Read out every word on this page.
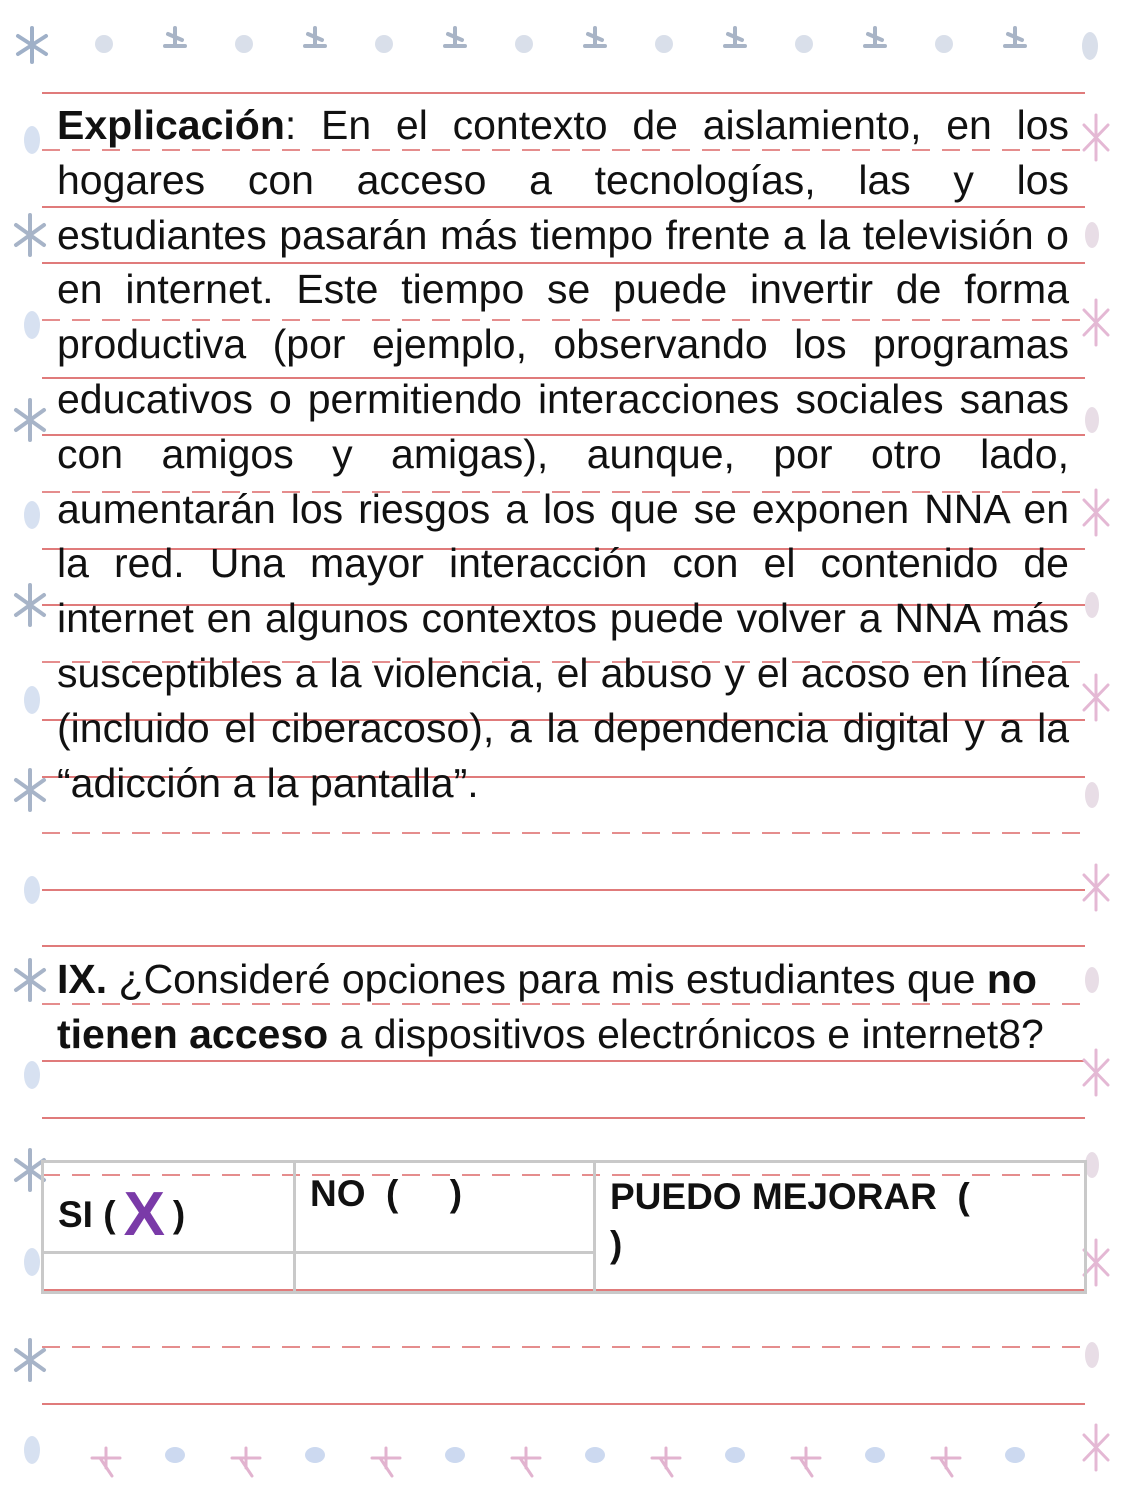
Explicación: En el contexto de aislamiento, en los hogares con acceso a tecnologías, las y los estudiantes pasarán más tiempo frente a la televisión o en internet. Este tiempo se puede invertir de forma productiva (por ejemplo, observando los programas educativos o permitiendo interacciones sociales sanas con amigos y amigas), aunque, por otro lado, aumentarán los riesgos a los que se exponen NNA en la red. Una mayor interacción con el contenido de internet en algunos contextos puede volver a NNA más susceptibles a la violencia, el abuso y el acoso en línea (incluido el ciberacoso), a la dependencia digital y a la “adicción a la pantalla”.

IX. ¿Consideré opciones para mis estudiantes que no tienen acceso a dispositivos electrónicos e internet8?

SI ( X )	NO  (     )	PUEDO MEJORAR  (
)
